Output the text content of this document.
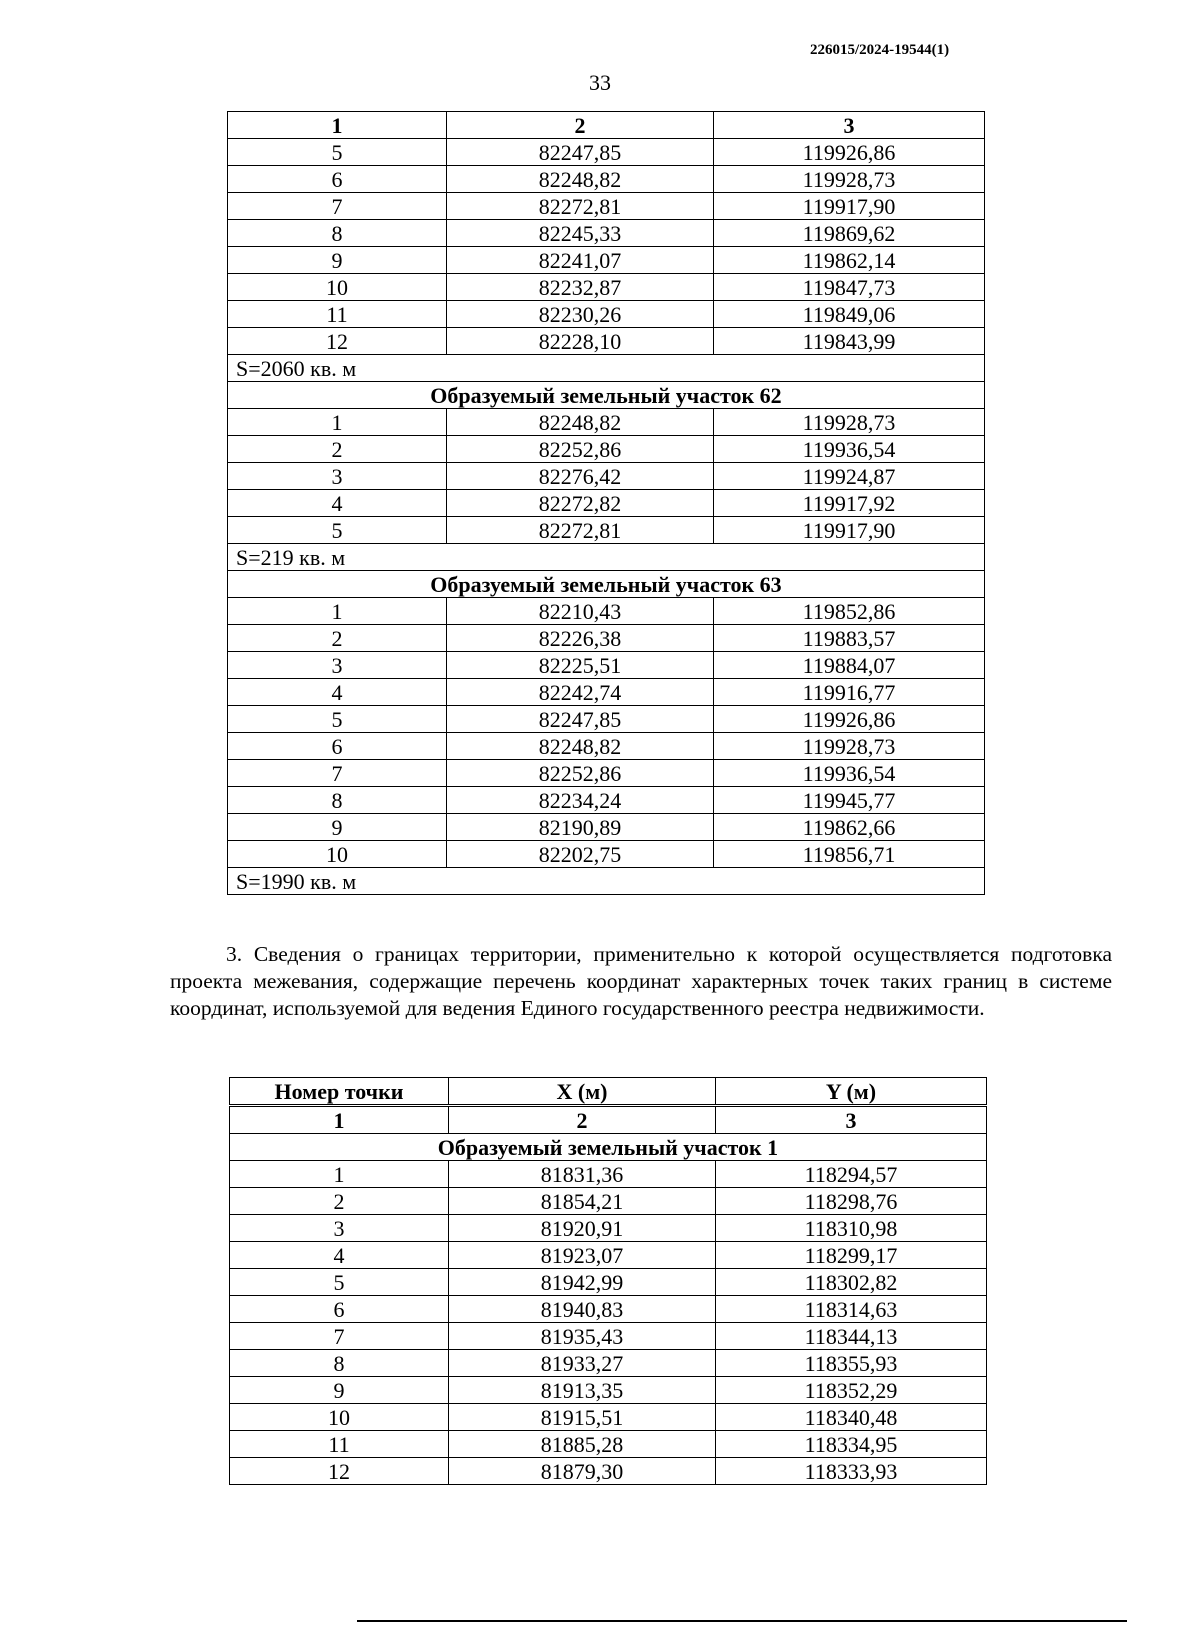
226015/2024-19544(1)
33
1	2	3
5	82247,85	119926,86
6	82248,82	119928,73
7	82272,81	119917,90
8	82245,33	119869,62
9	82241,07	119862,14
10	82232,87	119847,73
11	82230,26	119849,06
12	82228,10	119843,99
S=2060 кв. м		
Образуемый земельный участок 62		
1	82248,82	119928,73
2	82252,86	119936,54
3	82276,42	119924,87
4	82272,82	119917,92
5	82272,81	119917,90
S=219 кв. м		
Образуемый земельный участок 63		
1	82210,43	119852,86
2	82226,38	119883,57
3	82225,51	119884,07
4	82242,74	119916,77
5	82247,85	119926,86
6	82248,82	119928,73
7	82252,86	119936,54
8	82234,24	119945,77
9	82190,89	119862,66
10	82202,75	119856,71
S=1990 кв. м		
3. Сведения о границах территории, применительно к которой осуществляется подготовка проекта межевания, содержащие перечень координат характерных точек таких границ в системе координат, используемой для ведения Единого государственного реестра недвижимости.
Номер точки	X (м)	Y (м)
1	2	3
Образуемый земельный участок 1		
1	81831,36	118294,57
2	81854,21	118298,76
3	81920,91	118310,98
4	81923,07	118299,17
5	81942,99	118302,82
6	81940,83	118314,63
7	81935,43	118344,13
8	81933,27	118355,93
9	81913,35	118352,29
10	81915,51	118340,48
11	81885,28	118334,95
12	81879,30	118333,93
